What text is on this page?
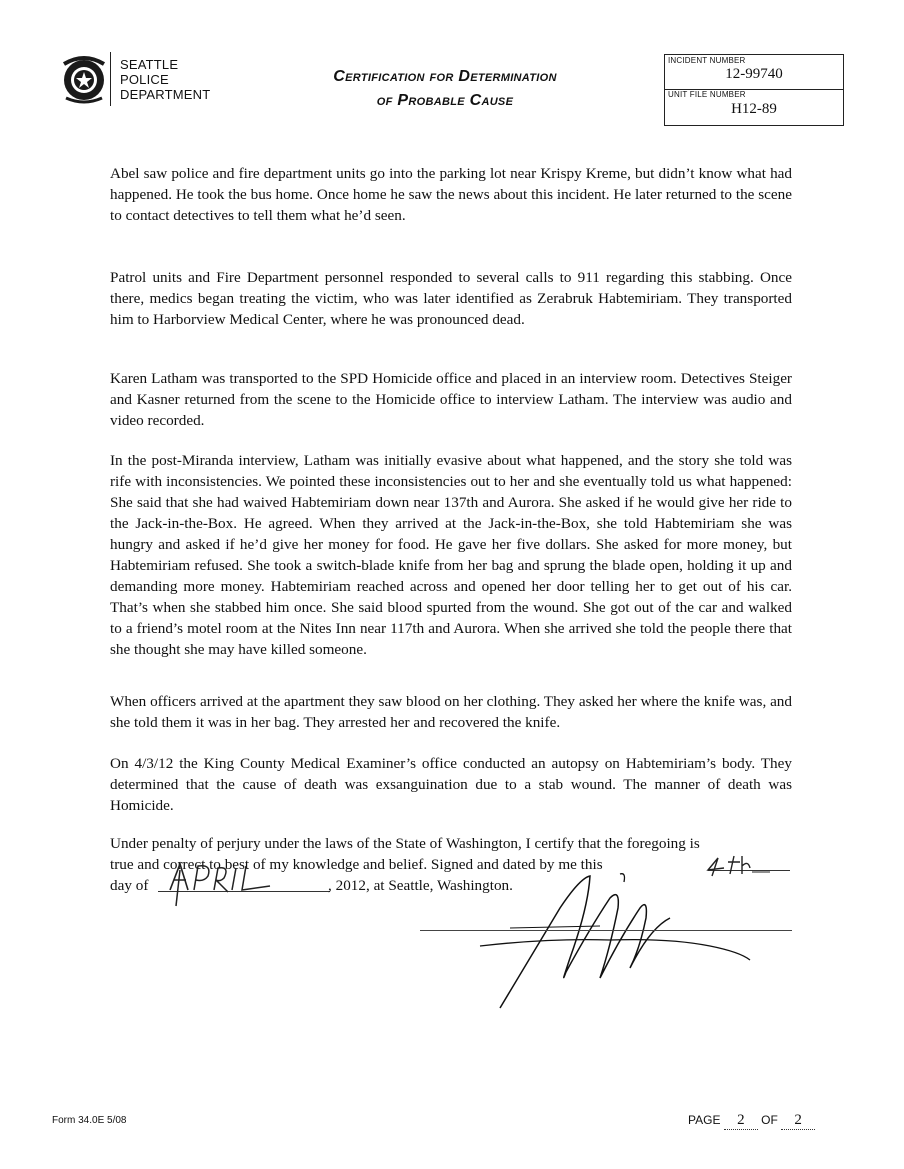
SEATTLE
POLICE
DEPARTMENT
Certification for Determination
of Probable Cause
INCIDENT NUMBER
12-99740
UNIT FILE NUMBER
H12-89
Abel saw police and fire department units go into the parking lot near Krispy Kreme, but didn’t know what had happened. He took the bus home. Once home he saw the news about this incident. He later returned to the scene to contact detectives to tell them what he’d seen.
Patrol units and Fire Department personnel responded to several calls to 911 regarding this stabbing. Once there, medics began treating the victim, who was later identified as Zerabruk Habtemiriam. They transported him to Harborview Medical Center, where he was pronounced dead.
Karen Latham was transported to the SPD Homicide office and placed in an interview room. Detectives Steiger and Kasner returned from the scene to the Homicide office to interview Latham. The interview was audio and video recorded.
In the post-Miranda interview, Latham was initially evasive about what happened, and the story she told was rife with inconsistencies. We pointed these inconsistencies out to her and she eventually told us what happened: She said that she had waived Habtemiriam down near 137th and Aurora. She asked if he would give her ride to the Jack-in-the-Box. He agreed. When they arrived at the Jack-in-the-Box, she told Habtemiriam she was hungry and asked if he’d give her money for food. He gave her five dollars. She asked for more money, but Habtemiriam refused. She took a switch-blade knife from her bag and sprung the blade open, holding it up and demanding more money. Habtemiriam reached across and opened her door telling her to get out of his car. That’s when she stabbed him once. She said blood spurted from the wound. She got out of the car and walked to a friend’s motel room at the Nites Inn near 117th and Aurora. When she arrived she told the people there that she thought she may have killed someone.
When officers arrived at the apartment they saw blood on her clothing. They asked her where the knife was, and she told them it was in her bag. They arrested her and recovered the knife.
On 4/3/12 the King County Medical Examiner’s office conducted an autopsy on Habtemiriam’s body. They determined that the cause of death was exsanguination due to a stab wound. The manner of death was Homicide.
Under penalty of perjury under the laws of the State of Washington, I certify that the foregoing is
true and correct to best of my knowledge and belief. Signed and dated by me this
day of	, 2012, at Seattle, Washington.
Form 34.0E 5/08	PAGE 2 OF 2
